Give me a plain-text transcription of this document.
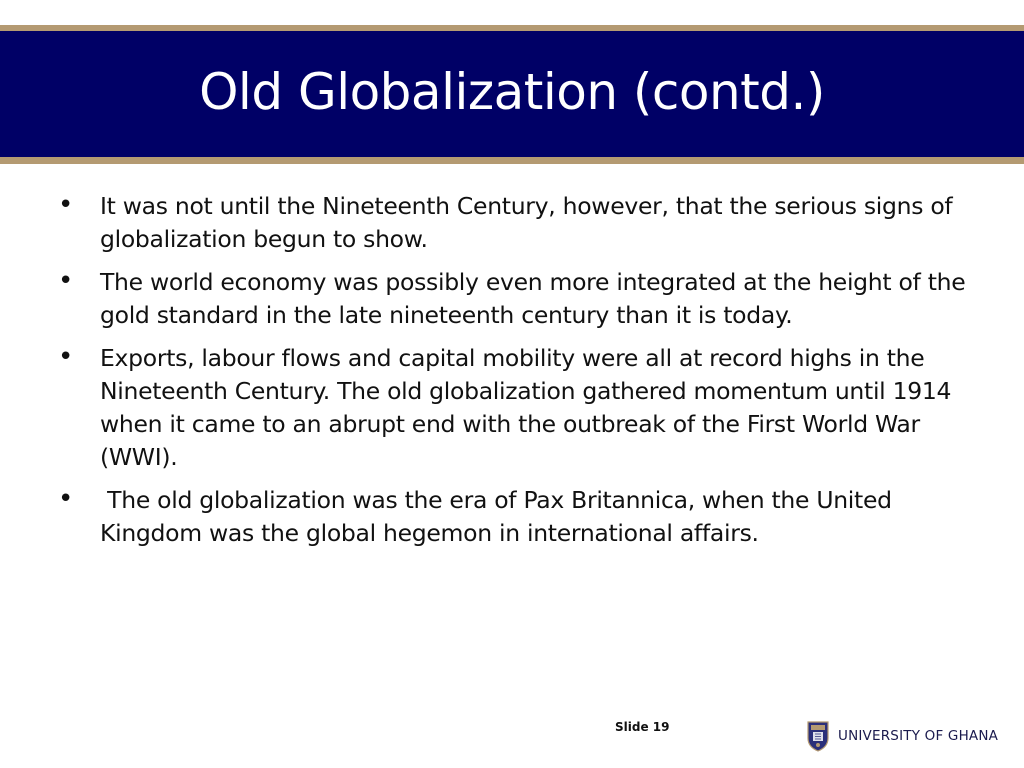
Old Globalization (contd.)
• It was not until the Nineteenth Century, however, that the serious signs of globalization begun to show.
• The world economy was possibly even more integrated at the height of the gold standard in the late nineteenth century than it is today.
• Exports, labour flows and capital mobility were all at record highs in the Nineteenth Century. The old globalization gathered momentum until 1914 when it came to an abrupt end with the outbreak of the First World War (WWI).
• The old globalization was the era of Pax Britannica, when the United Kingdom was the global hegemon in international affairs.
Slide 19
UNIVERSITY OF GHANA
